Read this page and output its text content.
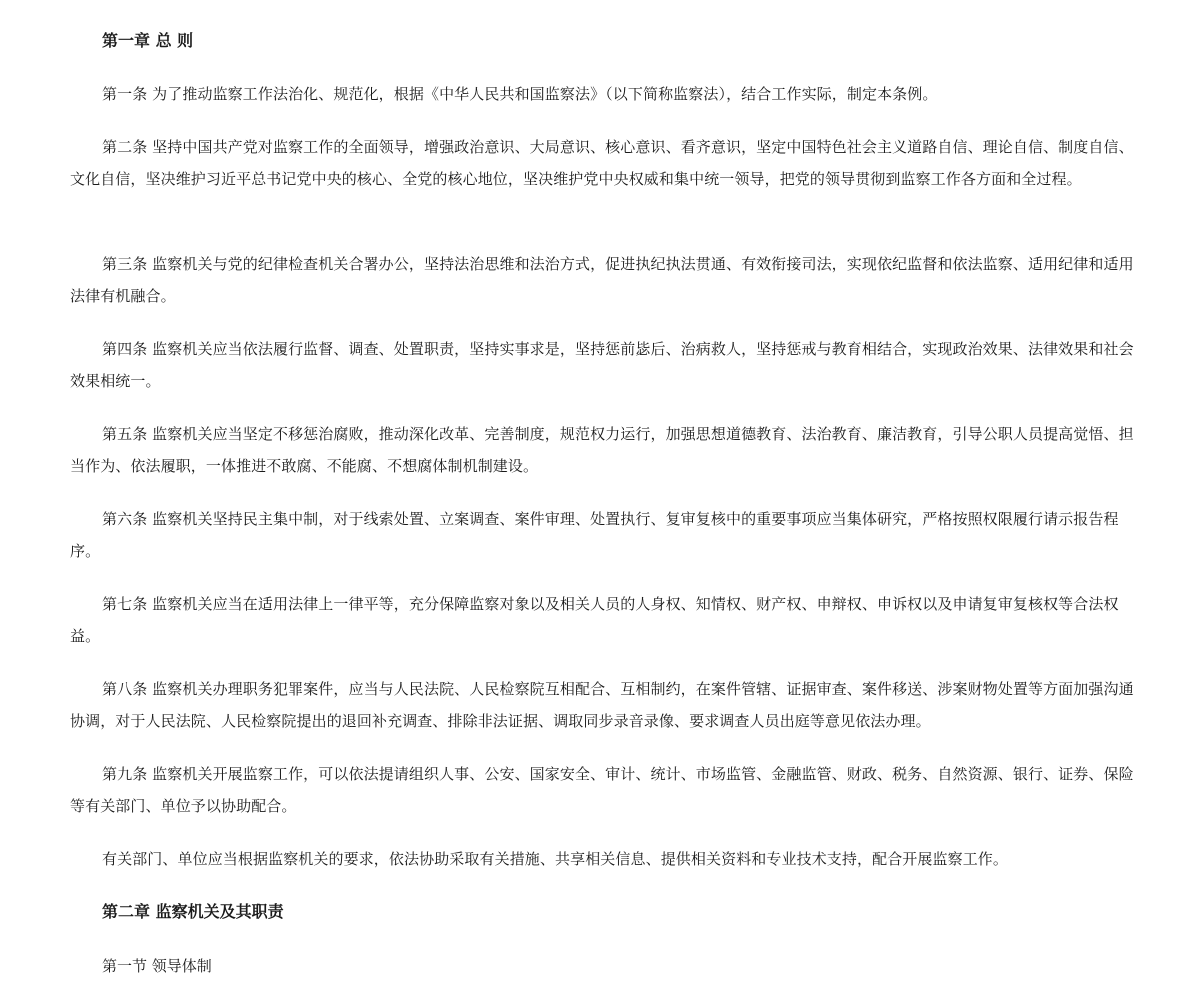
第一章 总 则
第一条 为了推动监察工作法治化、规范化，根据《中华人民共和国监察法》（以下简称监察法），结合工作实际，制定本条例。
第二条 坚持中国共产党对监察工作的全面领导，增强政治意识、大局意识、核心意识、看齐意识，坚定中国特色社会主义道路自信、理论自信、制度自信、文化自信，坚决维护习近平总书记党中央的核心、全党的核心地位，坚决维护党中央权威和集中统一领导，把党的领导贯彻到监察工作各方面和全过程。
第三条 监察机关与党的纪律检查机关合署办公，坚持法治思维和法治方式，促进执纪执法贯通、有效衔接司法，实现依纪监督和依法监察、适用纪律和适用法律有机融合。
第四条 监察机关应当依法履行监督、调查、处置职责，坚持实事求是，坚持惩前毖后、治病救人，坚持惩戒与教育相结合，实现政治效果、法律效果和社会效果相统一。
第五条 监察机关应当坚定不移惩治腐败，推动深化改革、完善制度，规范权力运行，加强思想道德教育、法治教育、廉洁教育，引导公职人员提高觉悟、担当作为、依法履职，一体推进不敢腐、不能腐、不想腐体制机制建设。
第六条 监察机关坚持民主集中制，对于线索处置、立案调查、案件审理、处置执行、复审复核中的重要事项应当集体研究，严格按照权限履行请示报告程序。
第七条 监察机关应当在适用法律上一律平等，充分保障监察对象以及相关人员的人身权、知情权、财产权、申辩权、申诉权以及申请复审复核权等合法权益。
第八条 监察机关办理职务犯罪案件，应当与人民法院、人民检察院互相配合、互相制约，在案件管辖、证据审查、案件移送、涉案财物处置等方面加强沟通协调，对于人民法院、人民检察院提出的退回补充调查、排除非法证据、调取同步录音录像、要求调查人员出庭等意见依法办理。
第九条 监察机关开展监察工作，可以依法提请组织人事、公安、国家安全、审计、统计、市场监管、金融监管、财政、税务、自然资源、银行、证券、保险等有关部门、单位予以协助配合。
有关部门、单位应当根据监察机关的要求，依法协助采取有关措施、共享相关信息、提供相关资料和专业技术支持，配合开展监察工作。
第二章 监察机关及其职责
第一节 领导体制
